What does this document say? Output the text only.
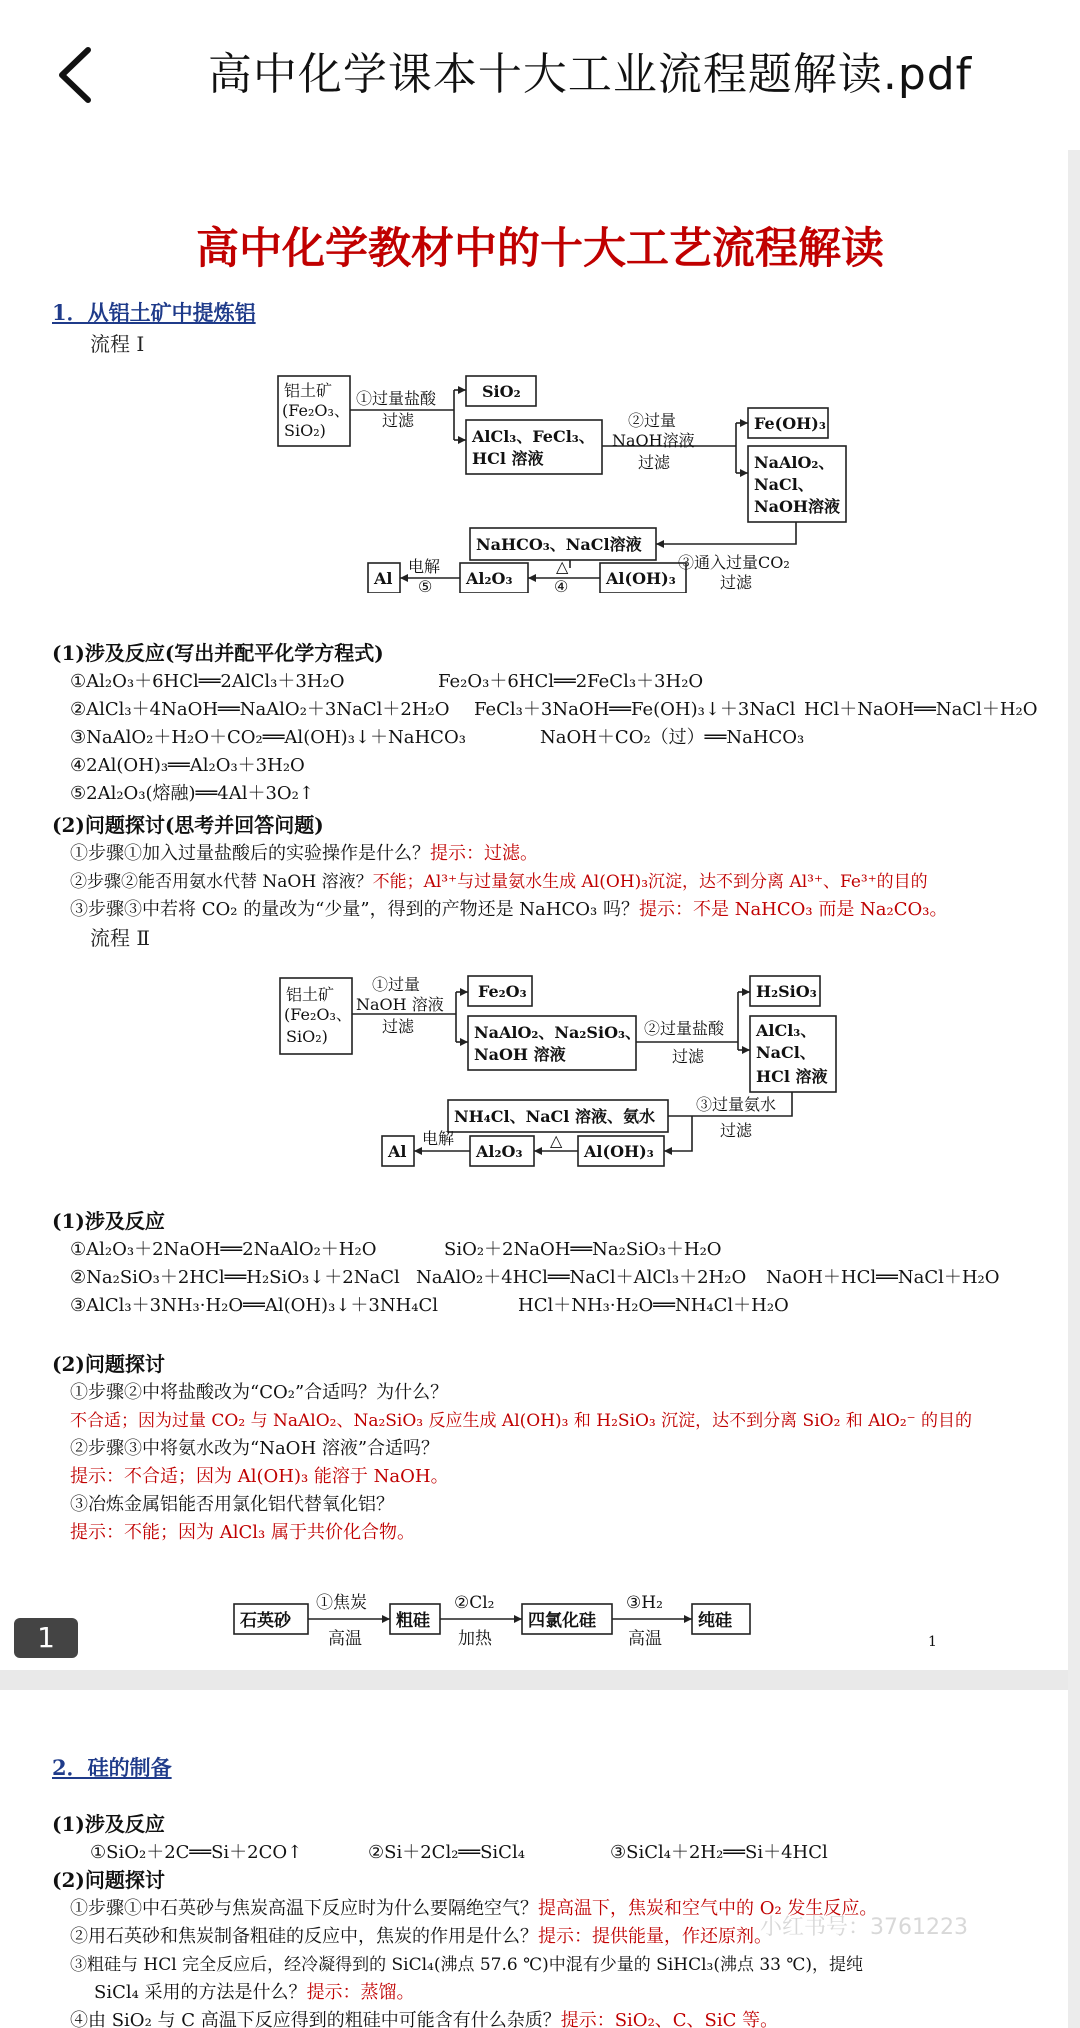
高中化学课本十大工业流程题解读.pdf
高中化学教材中的十大工艺流程解读
1．从铝土矿中提炼铝
流程 Ⅰ
铝土矿
(Fe₂O₃、
SiO₂)
①过量盐酸
过滤
SiO₂
AlCl₃、FeCl₃、
HCl 溶液
②过量
NaOH溶液
过滤
Fe(OH)₃
NaAlO₂、
NaCl、
NaOH溶液
NaHCO₃、NaCl溶液
③通入过量CO₂
过滤
Al(OH)₃
△
④
Al₂O₃
电解
⑤
Al
(1)涉及反应(写出并配平化学方程式)
①Al₂O₃＋6HCl══2AlCl₃＋3H₂O	Fe₂O₃＋6HCl══2FeCl₃＋3H₂O
②AlCl₃＋4NaOH══NaAlO₂＋3NaCl＋2H₂O FeCl₃＋3NaOH══Fe(OH)₃↓＋3NaCl HCl＋NaOH══NaCl＋H₂O
③NaAlO₂＋H₂O＋CO₂══Al(OH)₃↓＋NaHCO₃	NaOH＋CO₂（过）══NaHCO₃
④2Al(OH)₃══Al₂O₃＋3H₂O
⑤2Al₂O₃(熔融)══4Al＋3O₂↑
(2)问题探讨(思考并回答问题)
①步骤①加入过量盐酸后的实验操作是什么？提示：过滤。
②步骤②能否用氨水代替 NaOH 溶液？不能；Al³⁺与过量氨水生成 Al(OH)₃沉淀，达不到分离 Al³⁺、Fe³⁺的目的
③步骤③中若将 CO₂ 的量改为“少量”，得到的产物还是 NaHCO₃ 吗？提示：不是 NaHCO₃ 而是 Na₂CO₃。
流程 Ⅱ
铝土矿
(Fe₂O₃、
SiO₂)
①过量
NaOH 溶液
过滤
Fe₂O₃
NaAlO₂、Na₂SiO₃、
NaOH 溶液
②过量盐酸
过滤
H₂SiO₃
AlCl₃、
NaCl、
HCl 溶液
NH₄Cl、NaCl 溶液、氨水
③过量氨水
过滤
Al(OH)₃
△
Al₂O₃
电解
Al
(1)涉及反应
①Al₂O₃＋2NaOH══2NaAlO₂＋H₂O	SiO₂＋2NaOH══Na₂SiO₃＋H₂O
②Na₂SiO₃＋2HCl══H₂SiO₃↓＋2NaCl NaAlO₂＋4HCl══NaCl＋AlCl₃＋2H₂O NaOH＋HCl══NaCl＋H₂O
③AlCl₃＋3NH₃·H₂O══Al(OH)₃↓＋3NH₄Cl	HCl＋NH₃·H₂O══NH₄Cl＋H₂O
(2)问题探讨
①步骤②中将盐酸改为“CO₂”合适吗？为什么？
不合适；因为过量 CO₂ 与 NaAlO₂、Na₂SiO₃ 反应生成 Al(OH)₃ 和 H₂SiO₃ 沉淀，达不到分离 SiO₂ 和 AlO₂⁻ 的目的
②步骤③中将氨水改为“NaOH 溶液”合适吗？
提示：不合适；因为 Al(OH)₃ 能溶于 NaOH。
③冶炼金属铝能否用氯化铝代替氧化铝？
提示：不能；因为 AlCl₃ 属于共价化合物。
石英砂
①焦炭
高温
粗硅
②Cl₂
加热
四氯化硅
③H₂
高温
纯硅
1	1
2．硅的制备
(1)涉及反应
①SiO₂＋2C══Si＋2CO↑	②Si＋2Cl₂══SiCl₄	③SiCl₄＋2H₂══Si＋4HCl
(2)问题探讨
①步骤①中石英砂与焦炭高温下反应时为什么要隔绝空气？提高温下，焦炭和空气中的 O₂ 发生反应。
②用石英砂和焦炭制备粗硅的反应中，焦炭的作用是什么？提示：提供能量，作还原剂。
③粗硅与 HCl 完全反应后，经冷凝得到的 SiCl₄(沸点 57.6 ℃)中混有少量的 SiHCl₃(沸点 33 ℃)，提纯
SiCl₄ 采用的方法是什么？提示：蒸馏。
④由 SiO₂ 与 C 高温下反应得到的粗硅中可能含有什么杂质？提示：SiO₂、C、SiC 等。
小红书号：3761223
